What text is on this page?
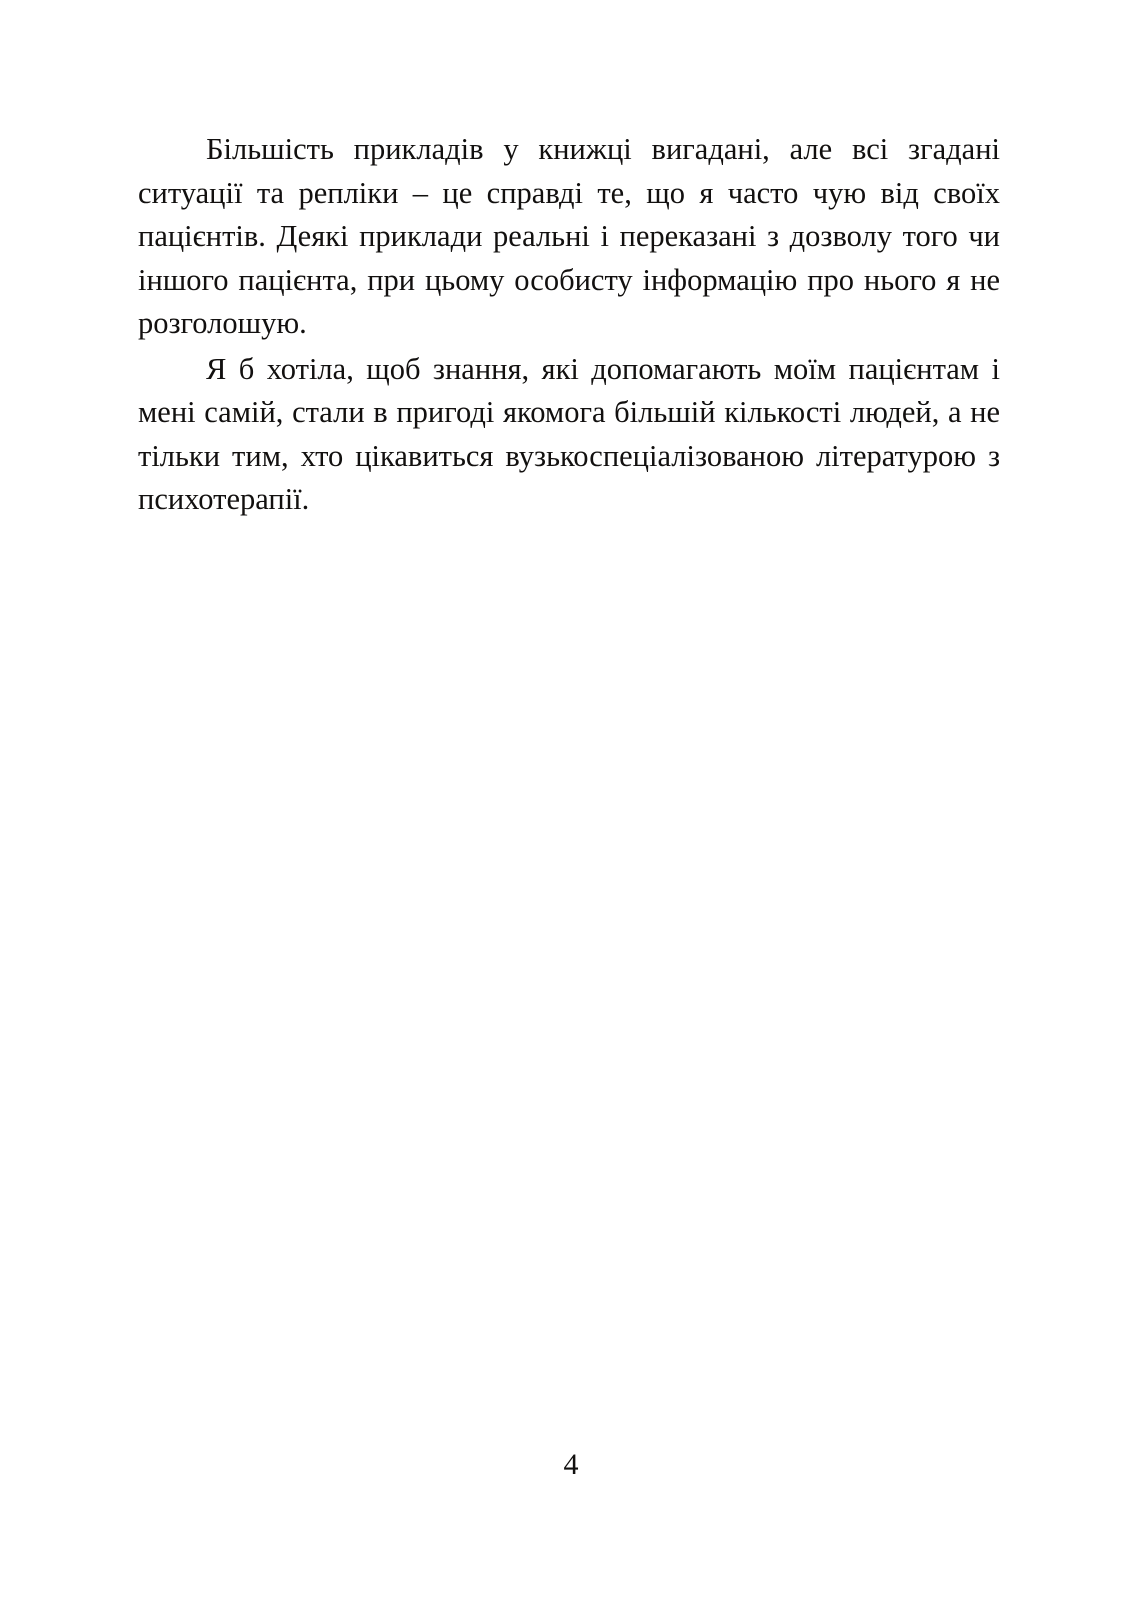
Більшість прикладів у книжці вигадані, але всі згадані ситуації та репліки – це справді те, що я часто чую від своїх пацієнтів. Деякі приклади реальні і переказані з дозволу того чи іншого пацієнта, при цьому особисту інформацію про нього я не розголошую.

Я б хотіла, щоб знання, які допомагають моїм пацієнтам і мені самій, стали в пригоді якомога більшій кількості людей, а не тільки тим, хто цікавиться вузькоспеціалізованою літературою з психотерапії.

4
